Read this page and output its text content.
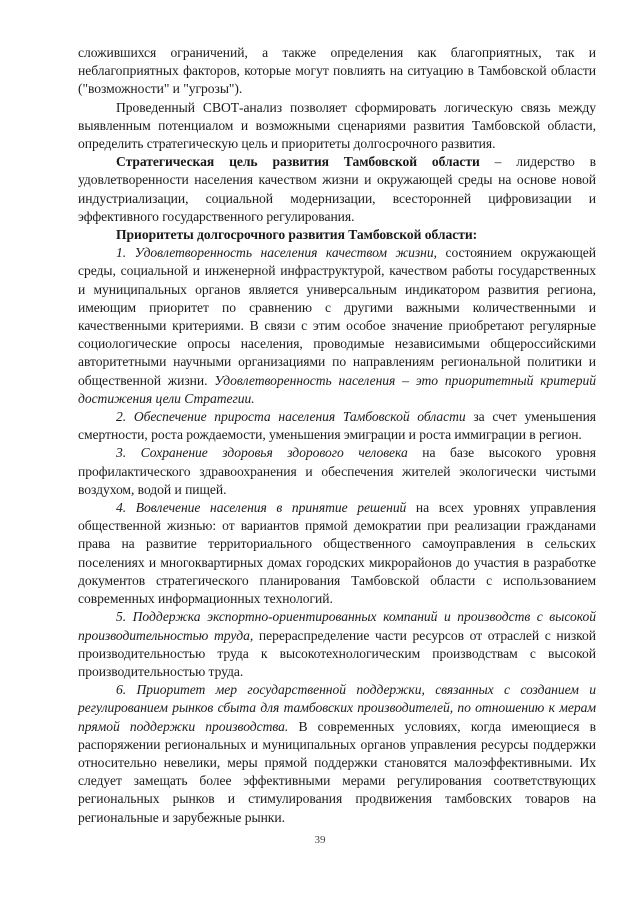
сложившихся ограничений, а также определения как благоприятных, так и неблагоприятных факторов, которые могут повлиять на ситуацию в Тамбовской области ("возможности" и "угрозы").

Проведенный СВОТ-анализ позволяет сформировать логическую связь между выявленным потенциалом и возможными сценариями развития Тамбовской области, определить стратегическую цель и приоритеты долгосрочного развития.

Стратегическая цель развития Тамбовской области – лидерство в удовлетворенности населения качеством жизни и окружающей среды на основе новой индустриализации, социальной модернизации, всесторонней цифровизации и эффективного государственного регулирования.

Приоритеты долгосрочного развития Тамбовской области:

1. Удовлетворенность населения качеством жизни, состоянием окружающей среды, социальной и инженерной инфраструктурой, качеством работы государственных и муниципальных органов является универсальным индикатором развития региона, имеющим приоритет по сравнению с другими важными количественными и качественными критериями. В связи с этим особое значение приобретают регулярные социологические опросы населения, проводимые независимыми общероссийскими авторитетными научными организациями по направлениям региональной политики и общественной жизни. Удовлетворенность населения – это приоритетный критерий достижения цели Стратегии.

2. Обеспечение прироста населения Тамбовской области за счет уменьшения смертности, роста рождаемости, уменьшения эмиграции и роста иммиграции в регион.

3. Сохранение здоровья здорового человека на базе высокого уровня профилактического здравоохранения и обеспечения жителей экологически чистыми воздухом, водой и пищей.

4. Вовлечение населения в принятие решений на всех уровнях управления общественной жизнью: от вариантов прямой демократии при реализации гражданами права на развитие территориального общественного самоуправления в сельских поселениях и многоквартирных домах городских микрорайонов до участия в разработке документов стратегического планирования Тамбовской области с использованием современных информационных технологий.

5. Поддержка экспортно-ориентированных компаний и производств с высокой производительностью труда, перераспределение части ресурсов от отраслей с низкой производительностью труда к высокотехнологическим производствам с высокой производительностью труда.

6. Приоритет мер государственной поддержки, связанных с созданием и регулированием рынков сбыта для тамбовских производителей, по отношению к мерам прямой поддержки производства. В современных условиях, когда имеющиеся в распоряжении региональных и муниципальных органов управления ресурсы поддержки относительно невелики, меры прямой поддержки становятся малоэффективными. Их следует замещать более эффективными мерами регулирования соответствующих региональных рынков и стимулирования продвижения тамбовских товаров на региональные и зарубежные рынки.

39
